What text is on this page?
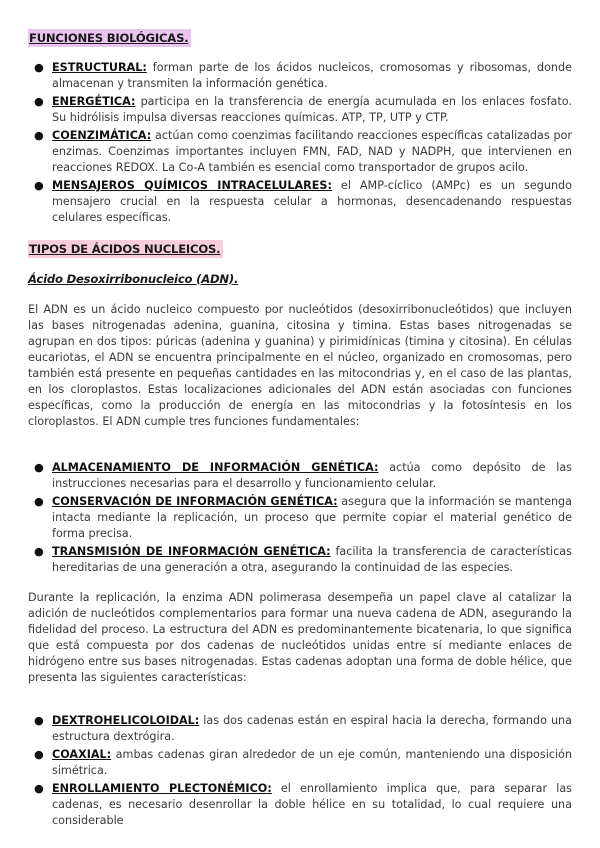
FUNCIONES BIOLÓGICAS.
● ESTRUCTURAL: forman parte de los ácidos nucleicos, cromosomas y ribosomas, donde almacenan y transmiten la información genética.
● ENERGÉTICA: participa en la transferencia de energía acumulada en los enlaces fosfato. Su hidrólisis impulsa diversas reacciones químicas. ATP, TP, UTP y CTP.
● COENZIMÁTICA: actúan como coenzimas facilitando reacciones específicas catalizadas por enzimas. Coenzimas importantes incluyen FMN, FAD, NAD y NADPH, que intervienen en reacciones REDOX. La Co-A también es esencial como transportador de grupos acilo.
● MENSAJEROS QUÍMICOS INTRACELULARES: el AMP-cíclico (AMPc) es un segundo mensajero crucial en la respuesta celular a hormonas, desencadenando respuestas celulares específicas.
TIPOS DE ÁCIDOS NUCLEICOS.
Ácido Desoxirribonucleico (ADN).

El ADN es un ácido nucleico compuesto por nucleótidos (desoxirribonucleótidos) que incluyen las bases nitrogenadas adenina, guanina, citosina y timina. Estas bases nitrogenadas se agrupan en dos tipos: púricas (adenina y guanina) y pirimidínicas (timina y citosina). En células eucariotas, el ADN se encuentra principalmente en el núcleo, organizado en cromosomas, pero también está presente en pequeñas cantidades en las mitocondrias y, en el caso de las plantas, en los cloroplastos. Estas localizaciones adicionales del ADN están asociadas con funciones específicas, como la producción de energía en las mitocondrias y la fotosíntesis en los cloroplastos. El ADN cumple tres funciones fundamentales:

● ALMACENAMIENTO DE INFORMACIÓN GENÉTICA: actúa como depósito de las instrucciones necesarias para el desarrollo y funcionamiento celular.
● CONSERVACIÓN DE INFORMACIÓN GENÉTICA: asegura que la información se mantenga intacta mediante la replicación, un proceso que permite copiar el material genético de forma precisa.
● TRANSMISIÓN DE INFORMACIÓN GENÉTICA: facilita la transferencia de características hereditarias de una generación a otra, asegurando la continuidad de las especies.

Durante la replicación, la enzima ADN polimerasa desempeña un papel clave al catalizar la adición de nucleótidos complementarios para formar una nueva cadena de ADN, asegurando la fidelidad del proceso. La estructura del ADN es predominantemente bicatenaria, lo que significa que está compuesta por dos cadenas de nucleótidos unidas entre sí mediante enlaces de hidrógeno entre sus bases nitrogenadas. Estas cadenas adoptan una forma de doble hélice, que presenta las siguientes características:

● DEXTROHELICOLOIDAL: las dos cadenas están en espiral hacia la derecha, formando una estructura dextrógira.
● COAXIAL: ambas cadenas giran alrededor de un eje común, manteniendo una disposición simétrica.
● ENROLLAMIENTO PLECTONÉMICO: el enrollamiento implica que, para separar las cadenas, es necesario desenrollar la doble hélice en su totalidad, lo cual requiere una considerable
